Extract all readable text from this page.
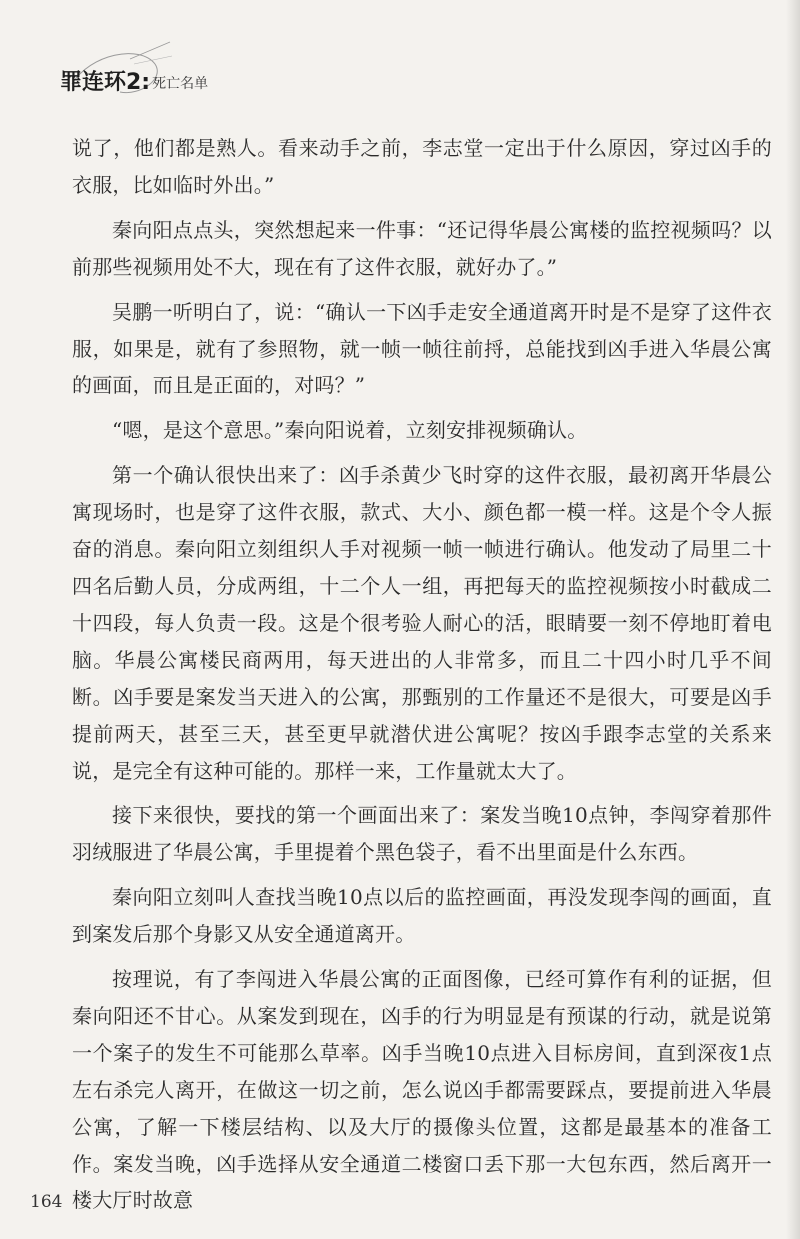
罪连环2: 死亡名单

说了，他们都是熟人。看来动手之前，李志堂一定出于什么原因，穿过凶手的衣服，比如临时外出。”

秦向阳点点头，突然想起来一件事：“还记得华晨公寓楼的监控视频吗？以前那些视频用处不大，现在有了这件衣服，就好办了。”

吴鹏一听明白了，说：“确认一下凶手走安全通道离开时是不是穿了这件衣服，如果是，就有了参照物，就一帧一帧往前捋，总能找到凶手进入华晨公寓的画面，而且是正面的，对吗？”

“嗯，是这个意思。”秦向阳说着，立刻安排视频确认。

第一个确认很快出来了：凶手杀黄少飞时穿的这件衣服，最初离开华晨公寓现场时，也是穿了这件衣服，款式、大小、颜色都一模一样。这是个令人振奋的消息。秦向阳立刻组织人手对视频一帧一帧进行确认。他发动了局里二十四名后勤人员，分成两组，十二个人一组，再把每天的监控视频按小时截成二十四段，每人负责一段。这是个很考验人耐心的活，眼睛要一刻不停地盯着电脑。华晨公寓楼民商两用，每天进出的人非常多，而且二十四小时几乎不间断。凶手要是案发当天进入的公寓，那甄别的工作量还不是很大，可要是凶手提前两天，甚至三天，甚至更早就潜伏进公寓呢？按凶手跟李志堂的关系来说，是完全有这种可能的。那样一来，工作量就太大了。

接下来很快，要找的第一个画面出来了：案发当晚10点钟，李闯穿着那件羽绒服进了华晨公寓，手里提着个黑色袋子，看不出里面是什么东西。

秦向阳立刻叫人查找当晚10点以后的监控画面，再没发现李闯的画面，直到案发后那个身影又从安全通道离开。

按理说，有了李闯进入华晨公寓的正面图像，已经可算作有利的证据，但秦向阳还不甘心。从案发到现在，凶手的行为明显是有预谋的行动，就是说第一个案子的发生不可能那么草率。凶手当晚10点进入目标房间，直到深夜1点左右杀完人离开，在做这一切之前，怎么说凶手都需要踩点，要提前进入华晨公寓，了解一下楼层结构、以及大厅的摄像头位置，这都是最基本的准备工作。案发当晚，凶手选择从安全通道二楼窗口丢下那一大包东西，然后离开一楼大厅时故意

164
